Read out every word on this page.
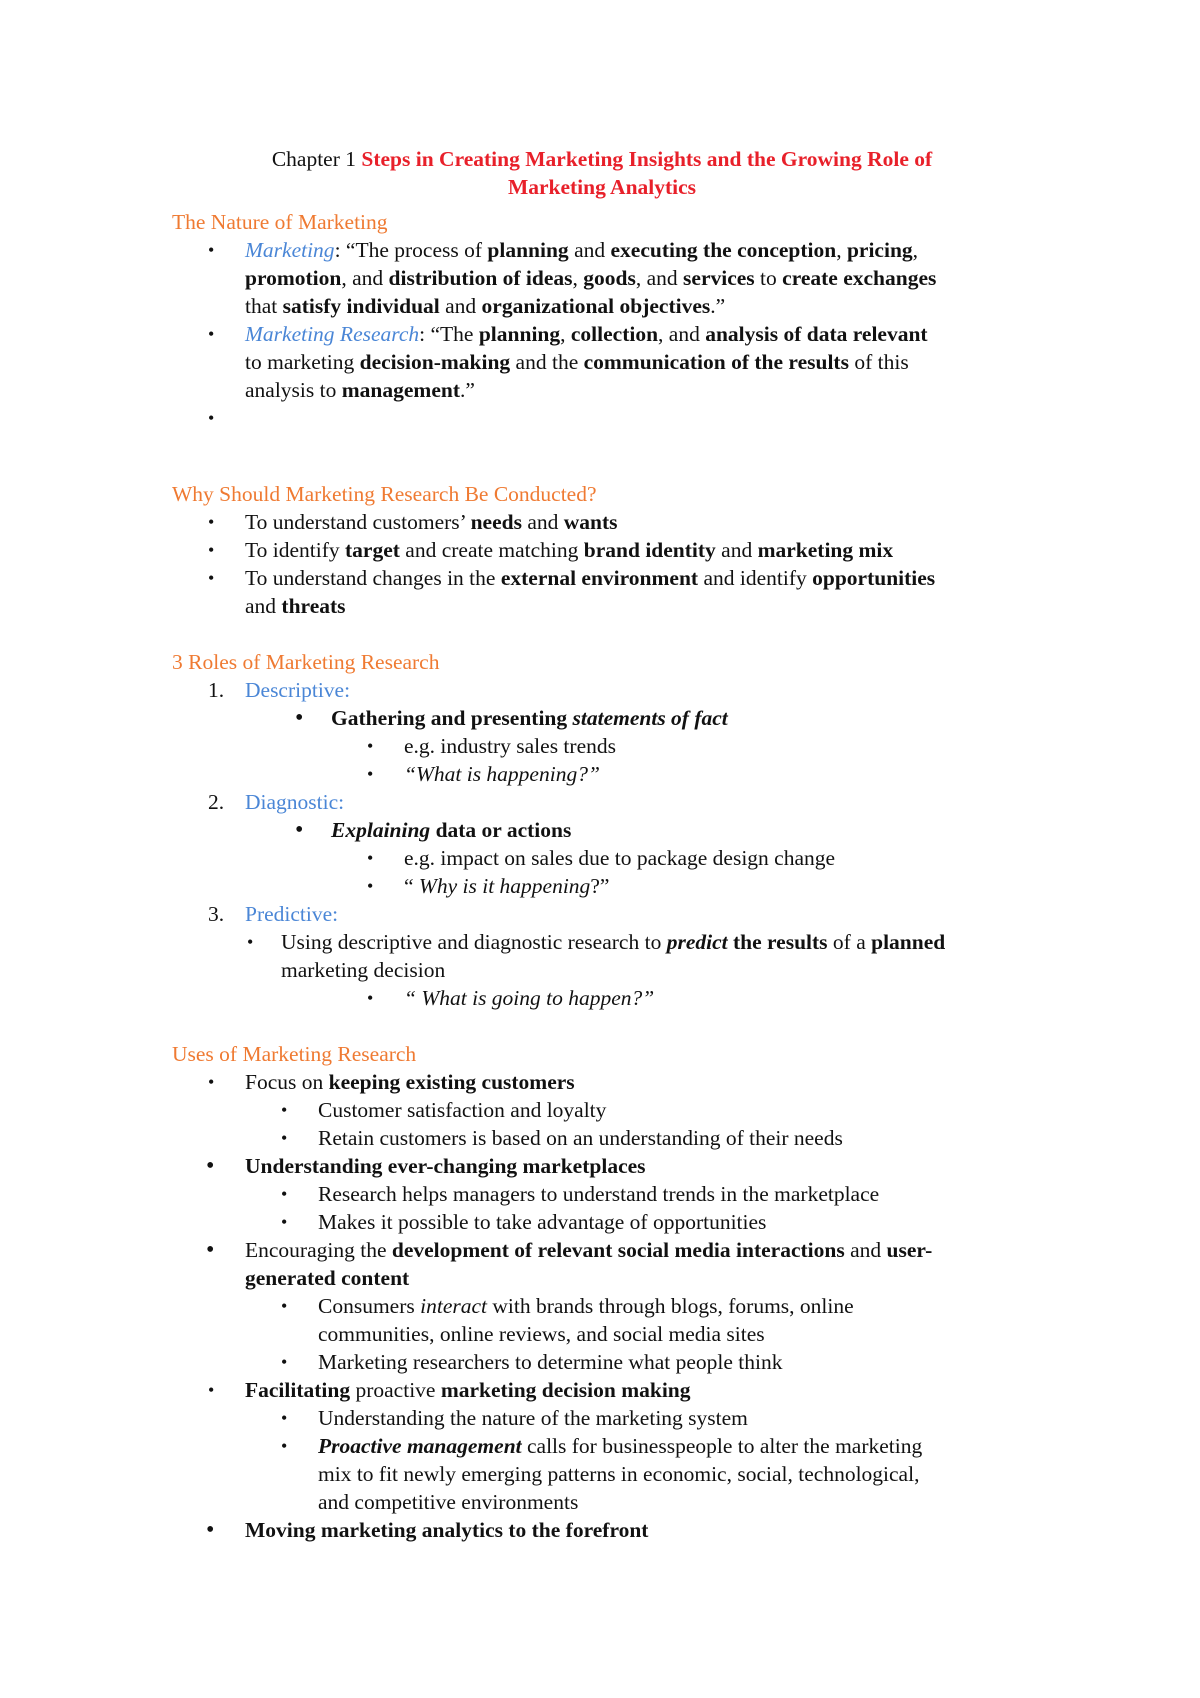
Chapter 1 Steps in Creating Marketing Insights and the Growing Role of
Marketing Analytics
The Nature of Marketing
• Marketing: “The process of planning and executing the conception, pricing,
promotion, and distribution of ideas, goods, and services to create exchanges
that satisfy individual and organizational objectives.”
• Marketing Research: “The planning, collection, and analysis of data relevant
to marketing decision-making and the communication of the results of this
analysis to management.”
•
Why Should Marketing Research Be Conducted?
• To understand customers’ needs and wants
• To identify target and create matching brand identity and marketing mix
• To understand changes in the external environment and identify opportunities
and threats
3 Roles of Marketing Research
1. Descriptive:
• Gathering and presenting statements of fact
• e.g. industry sales trends
• “What is happening?”
2. Diagnostic:
• Explaining data or actions
• e.g. impact on sales due to package design change
• “ Why is it happening?”
3. Predictive:
• Using descriptive and diagnostic research to predict the results of a planned
marketing decision
• “ What is going to happen?”
Uses of Marketing Research
• Focus on keeping existing customers
• Customer satisfaction and loyalty
• Retain customers is based on an understanding of their needs
• Understanding ever-changing marketplaces
• Research helps managers to understand trends in the marketplace
• Makes it possible to take advantage of opportunities
• Encouraging the development of relevant social media interactions and user-
generated content
• Consumers interact with brands through blogs, forums, online
communities, online reviews, and social media sites
• Marketing researchers to determine what people think
• Facilitating proactive marketing decision making
• Understanding the nature of the marketing system
• Proactive management calls for businesspeople to alter the marketing
mix to fit newly emerging patterns in economic, social, technological,
and competitive environments
• Moving marketing analytics to the forefront
